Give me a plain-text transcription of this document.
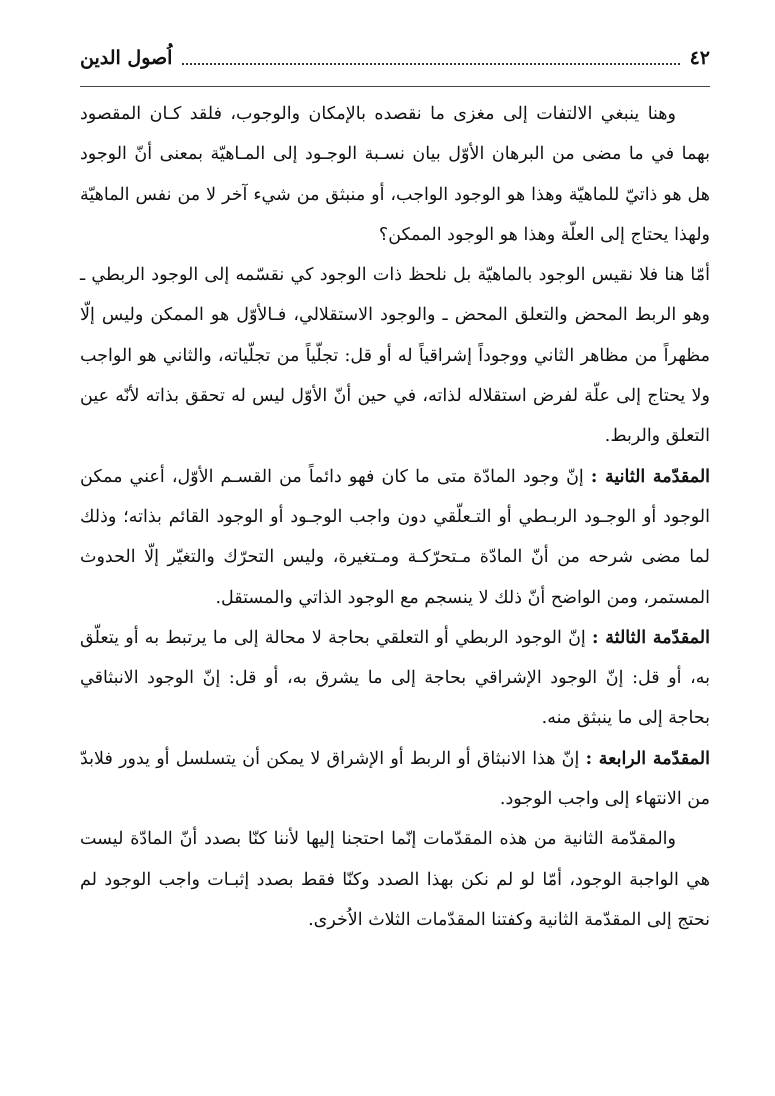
٤٢
اُصول الدين

وهنا ينبغي الالتفات إلى مغزى ما نقصده بالإمكان والوجوب، فلقد كـان المقصود بهما في ما مضى من البرهان الأوّل بيان نسـبة الوجـود إلى المـاهيّة بمعنى أنّ الوجود هل هو ذاتيّ للماهيّة وهذا هو الوجود الواجب، أو منبثق من شيء آخر لا من نفس الماهيّة ولهذا يحتاج إلى العلّة وهذا هو الوجود الممكن؟

أمّا هنا فلا نقيس الوجود بالماهيّة بل نلحظ ذات الوجود كي نقسّمه إلى الوجود الربطي ـ وهو الربط المحض والتعلق المحض ـ والوجود الاستقلالي، فـالأوّل هو الممكن وليس إلّا مظهراً من مظاهر الثاني ووجوداً إشراقياً له أو قل: تجلّياً من تجلّياته، والثاني هو الواجب ولا يحتاج إلى علّة لفرض استقلاله لذاته، في حين أنّ الأوّل ليس له تحقق بذاته لأنّه عين التعلق والربط.

المقدّمة الثانية : إنّ وجود المادّة متى ما كان فهو دائماً من القسـم الأوّل، أعني ممكن الوجود أو الوجـود الربـطي أو التـعلّقي دون واجب الوجـود أو الوجود القائم بذاته؛ وذلك لما مضى شرحه من أنّ المادّة مـتحرّكـة ومـتغيرة، وليس التحرّك والتغيّر إلّا الحدوث المستمر، ومن الواضح أنّ ذلك لا ينسجم مع الوجود الذاتي والمستقل.

المقدّمة الثالثة : إنّ الوجود الربطي أو التعلقي بحاجة لا محالة إلى ما يرتبط به أو يتعلّق به، أو قل: إنّ الوجود الإشراقي بحاجة إلى ما يشرق به، أو قل: إنّ الوجود الانبثاقي بحاجة إلى ما ينبثق منه.

المقدّمة الرابعة : إنّ هذا الانبثاق أو الربط أو الإشراق لا يمكن أن يتسلسل أو يدور فلابدّ من الانتهاء إلى واجب الوجود.

والمقدّمة الثانية من هذه المقدّمات إنّما احتجنا إليها لأننا كنّا بصدد أنّ المادّة ليست هي الواجبة الوجود، أمّا لو لم نكن بهذا الصدد وكنّا فقط بصدد إثبـات واجب الوجود لم نحتج إلى المقدّمة الثانية وكفتنا المقدّمات الثلاث الاُخرى.
